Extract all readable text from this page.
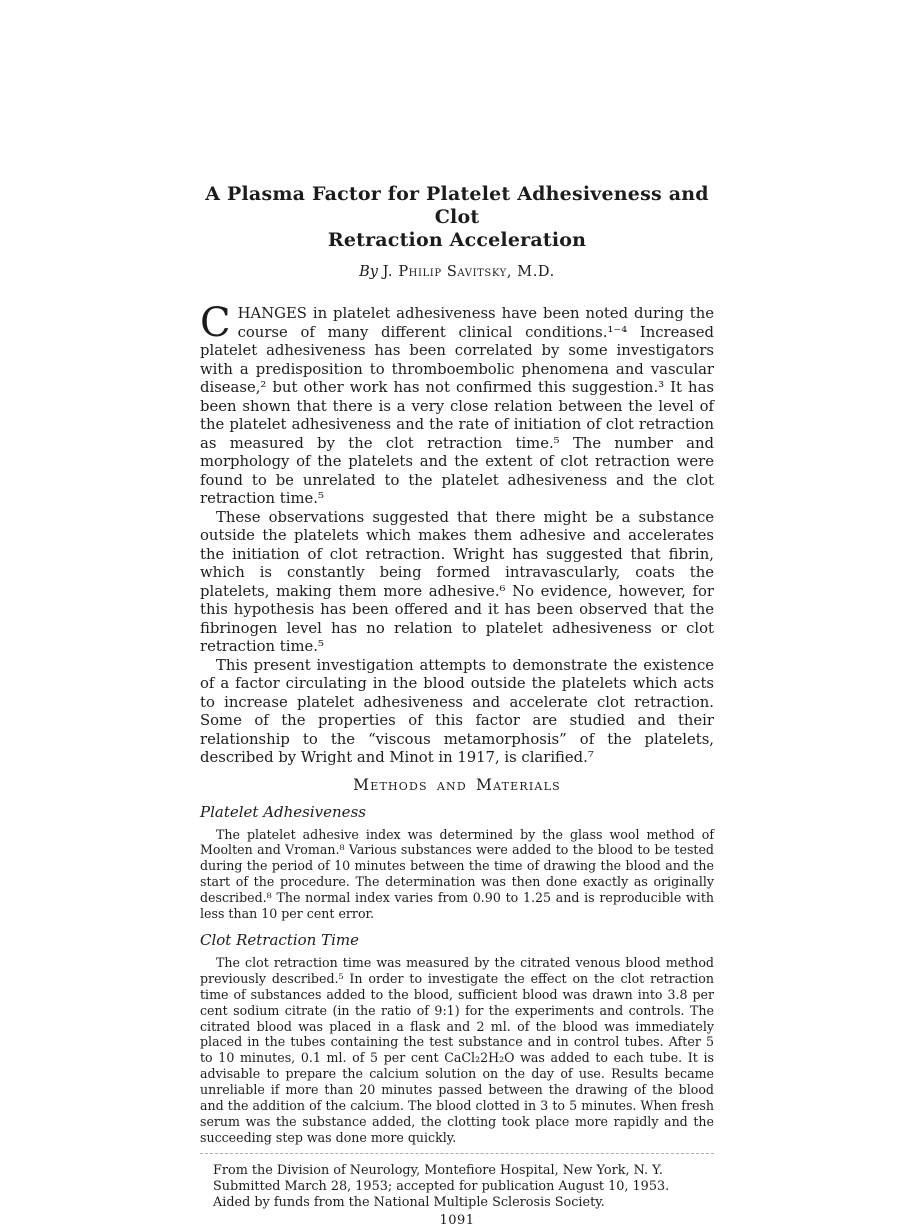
A Plasma Factor for Platelet Adhesiveness and Clot
Retraction Acceleration
By J. Philip Savitsky, M.D.

CHANGES in platelet adhesiveness have been noted during the course of many different clinical conditions.¹⁻⁴ Increased platelet adhesiveness has been correlated by some investigators with a predisposition to thromboembolic phenomena and vascular disease,² but other work has not confirmed this suggestion.³ It has been shown that there is a very close relation between the level of the platelet adhesiveness and the rate of initiation of clot retraction as measured by the clot retraction time.⁵ The number and morphology of the platelets and the extent of clot retraction were found to be unrelated to the platelet adhesiveness and the clot retraction time.⁵

These observations suggested that there might be a substance outside the platelets which makes them adhesive and accelerates the initiation of clot retraction. Wright has suggested that fibrin, which is constantly being formed intravascularly, coats the platelets, making them more adhesive.⁶ No evidence, however, for this hypothesis has been offered and it has been observed that the fibrinogen level has no relation to platelet adhesiveness or clot retraction time.⁵

This present investigation attempts to demonstrate the existence of a factor circulating in the blood outside the platelets which acts to increase platelet adhesiveness and accelerate clot retraction. Some of the properties of this factor are studied and their relationship to the “viscous metamorphosis” of the platelets, described by Wright and Minot in 1917, is clarified.⁷

Methods and Materials
Platelet Adhesiveness

The platelet adhesive index was determined by the glass wool method of Moolten and Vroman.⁸ Various substances were added to the blood to be tested during the period of 10 minutes between the time of drawing the blood and the start of the procedure. The determination was then done exactly as originally described.⁸ The normal index varies from 0.90 to 1.25 and is reproducible with less than 10 per cent error.

Clot Retraction Time

The clot retraction time was measured by the citrated venous blood method previously described.⁵ In order to investigate the effect on the clot retraction time of substances added to the blood, sufficient blood was drawn into 3.8 per cent sodium citrate (in the ratio of 9:1) for the experiments and controls. The citrated blood was placed in a flask and 2 ml. of the blood was immediately placed in the tubes containing the test substance and in control tubes. After 5 to 10 minutes, 0.1 ml. of 5 per cent CaCl₂2H₂O was added to each tube. It is advisable to prepare the calcium solution on the day of use. Results became unreliable if more than 20 minutes passed between the drawing of the blood and the addition of the calcium. The blood clotted in 3 to 5 minutes. When fresh serum was the substance added, the clotting took place more rapidly and the succeeding step was done more quickly.

From the Division of Neurology, Montefiore Hospital, New York, N. Y.
Submitted March 28, 1953; accepted for publication August 10, 1953.
Aided by funds from the National Multiple Sclerosis Society.
1091
